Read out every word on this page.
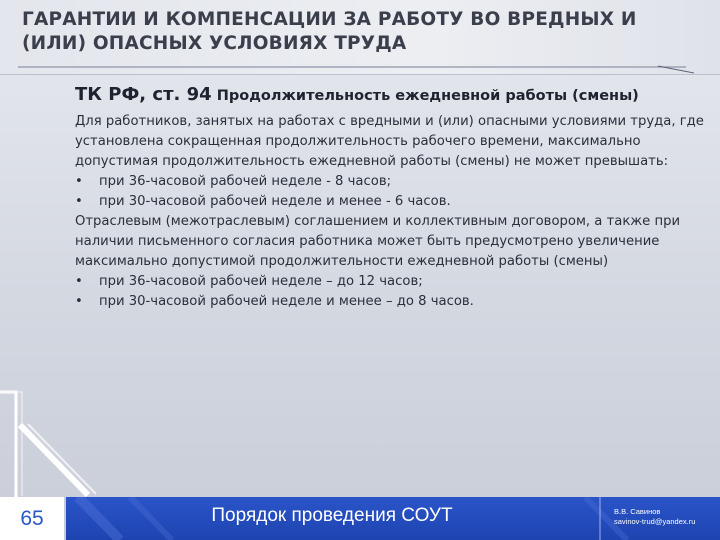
ГАРАНТИИ И КОМПЕНСАЦИИ ЗА РАБОТУ ВО ВРЕДНЫХ И (ИЛИ) ОПАСНЫХ УСЛОВИЯХ ТРУДА

ТК РФ, ст. 94 Продолжительность ежедневной работы (смены)

Для работников, занятых на работах с вредными и (или) опасными условиями труда, где установлена сокращенная продолжительность рабочего времени, максимально допустимая продолжительность ежедневной работы (смены) не может превышать:
• при 36-часовой рабочей неделе - 8 часов;
• при 30-часовой рабочей неделе и менее - 6 часов.
Отраслевым (межотраслевым) соглашением и коллективным договором, а также при наличии письменного согласия работника может быть предусмотрено увеличение максимально допустимой продолжительности ежедневной работы (смены)
• при 36-часовой рабочей неделе – до 12 часов;
• при 30-часовой рабочей неделе и менее – до 8 часов.
65	Порядок проведения СОУТ	В.В. Савинов
savinov-trud@yandex.ru
